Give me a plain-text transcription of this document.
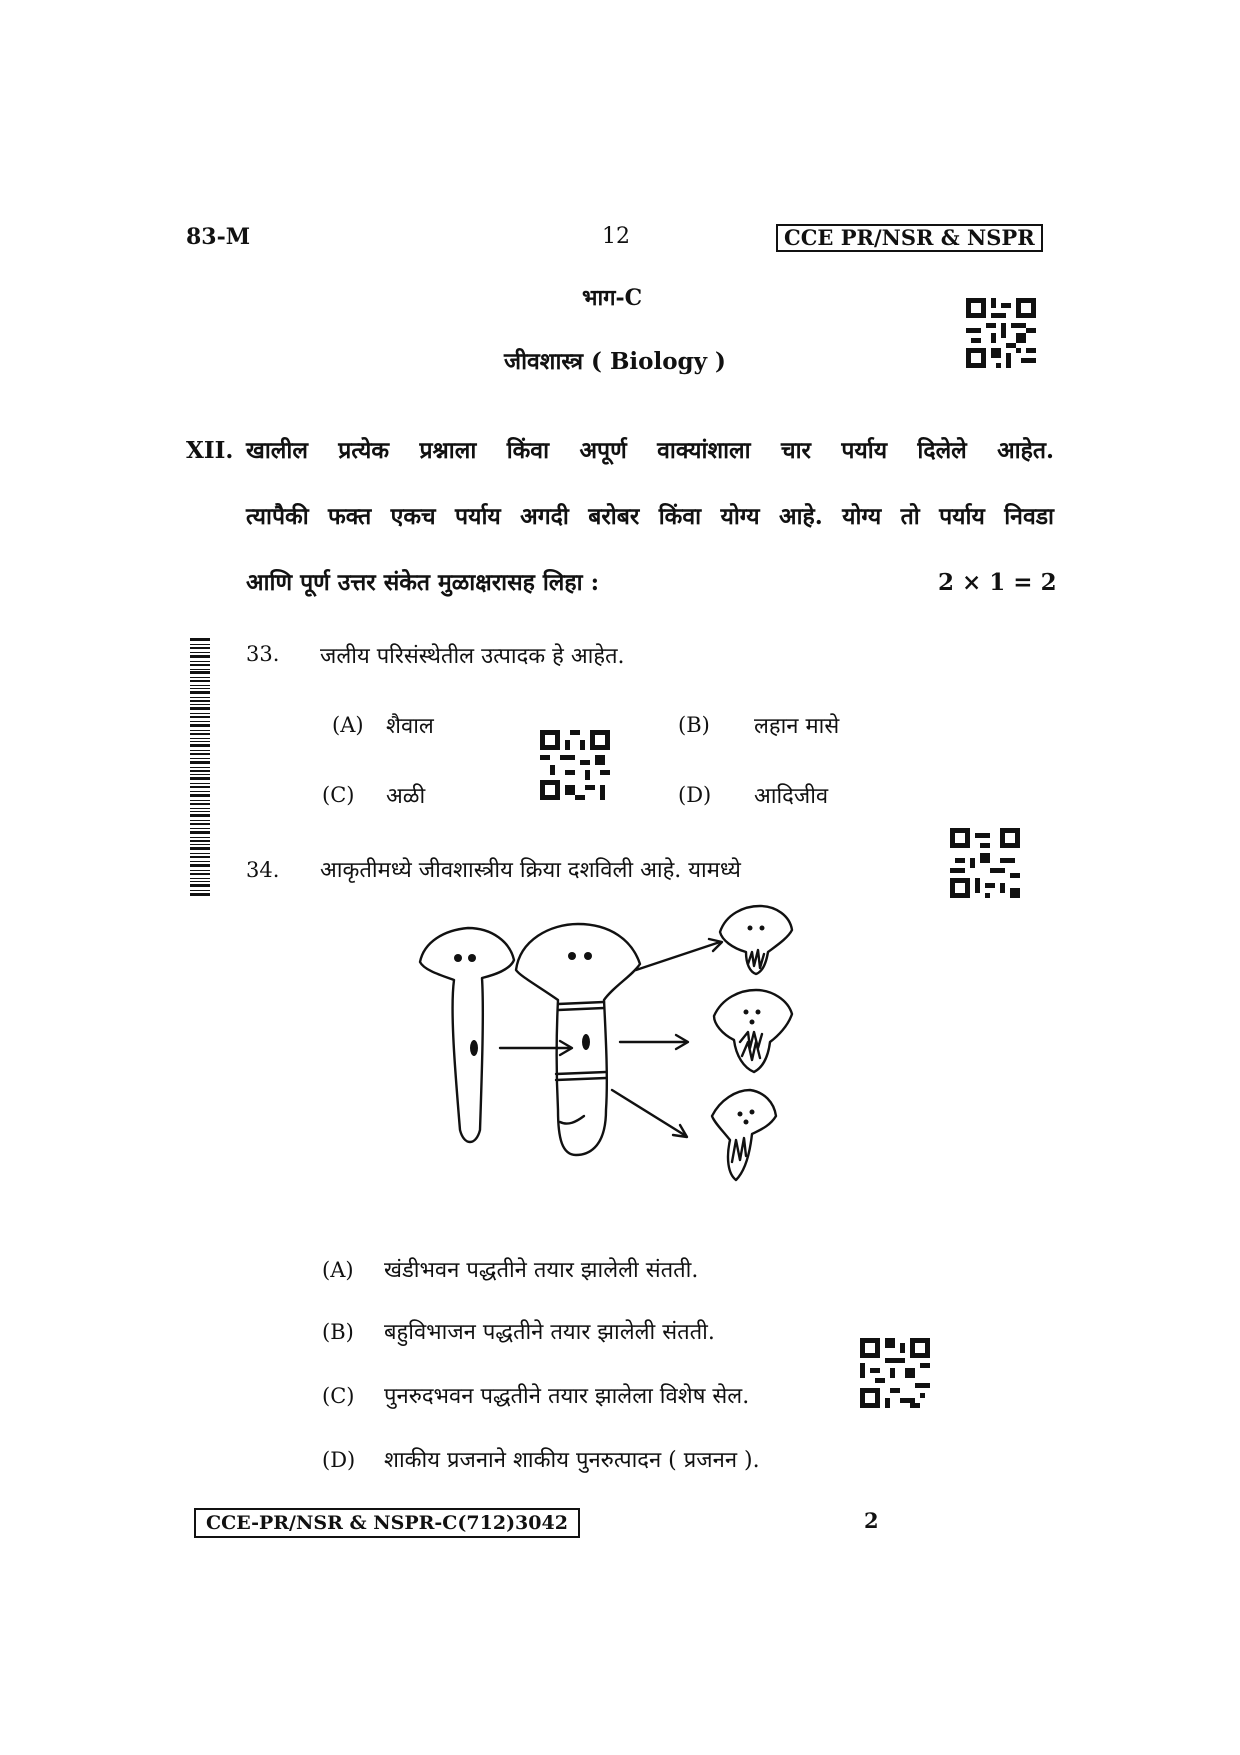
83-M	12	CCE PR/NSR & NSPR
भाग-C
जीवशास्त्र ( Biology )
XII. खालील प्रत्येक प्रश्नाला किंवा अपूर्ण वाक्यांशाला चार पर्याय दिलेले आहेत.
त्यापैकी फक्त एकच पर्याय अगदी बरोबर किंवा योग्य आहे. योग्य तो पर्याय निवडा
आणि पूर्ण उत्तर संकेत मुळाक्षरासह लिहा :	2 × 1 = 2
33. जलीय परिसंस्थेतील उत्पादक हे आहेत.
(A) शैवाल	(B) लहान मासे
(C) अळी	(D) आदिजीव
34. आकृतीमध्ये जीवशास्त्रीय क्रिया दशविली आहे. यामध्ये
(A) खंडीभवन पद्धतीने तयार झालेली संतती.
(B) बहुविभाजन पद्धतीने तयार झालेली संतती.
(C) पुनरुदभवन पद्धतीने तयार झालेला विशेष सेल.
(D) शाकीय प्रजनाने शाकीय पुनरुत्पादन ( प्रजनन ).
CCE-PR/NSR & NSPR-C(712)3042	2
